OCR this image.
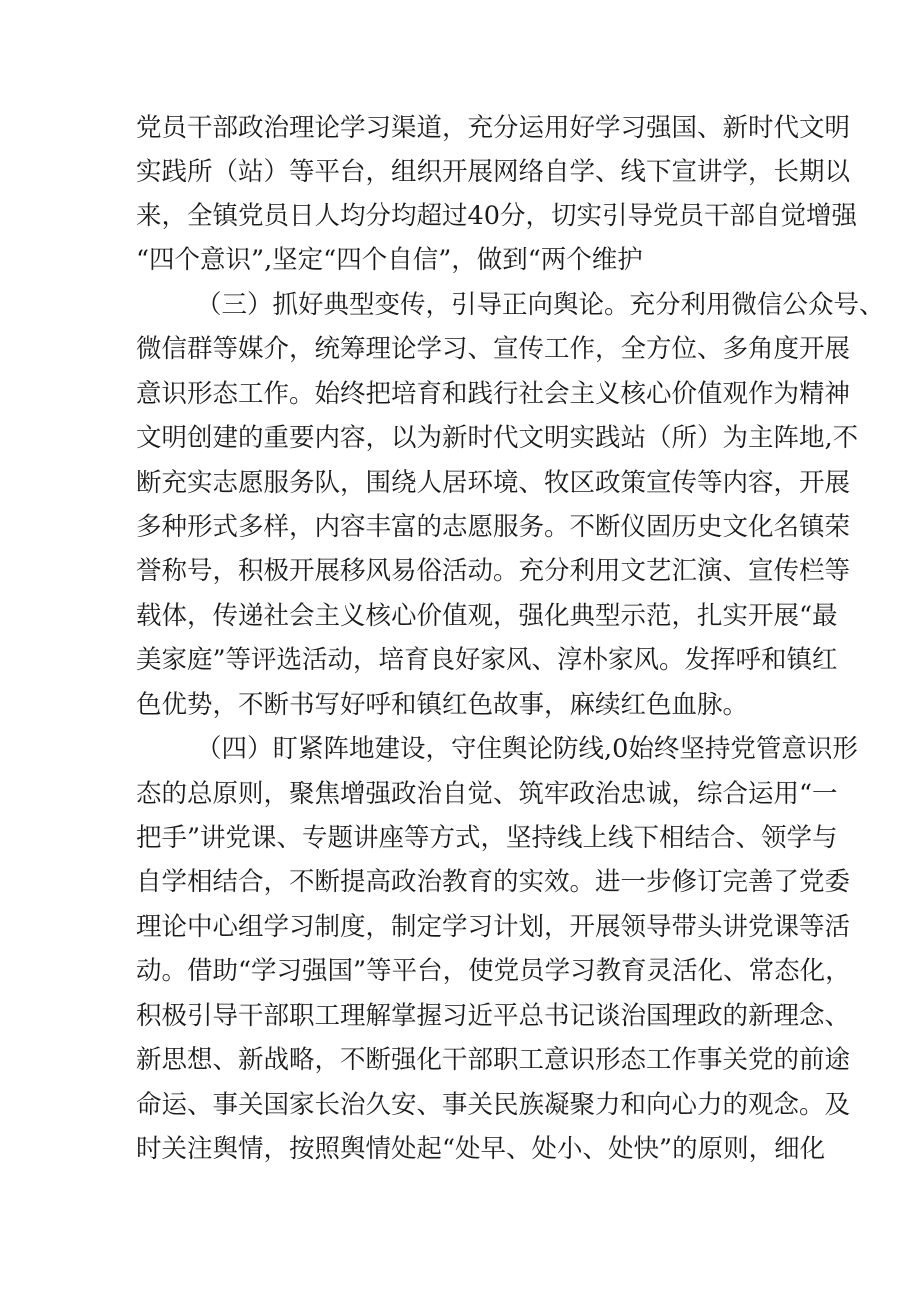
党员干部政治理论学习渠道，充分运用好学习强国、新时代文明
实践所（站）等平台，组织开展网络自学、线下宣讲学，长期以
来，全镇党员日人均分均超过40分，切实引导党员干部自觉增强
“四个意识”,坚定“四个自信”，做到“两个维护
（三）抓好典型变传，引导正向舆论。充分利用微信公众号、
微信群等媒介，统筹理论学习、宣传工作，全方位、多角度开展
意识形态工作。始终把培育和践行社会主义核心价值观作为精神
文明创建的重要内容，以为新时代文明实践站（所）为主阵地,不
断充实志愿服务队，围绕人居环境、牧区政策宣传等内容，开展
多种形式多样，内容丰富的志愿服务。不断仪固历史文化名镇荣
誉称号，积极开展移风易俗活动。充分利用文艺汇演、宣传栏等
载体，传递社会主义核心价值观，强化典型示范，扎实开展“最
美家庭”等评选活动，培育良好家风、淳朴家风。发挥呼和镇红
色优势，不断书写好呼和镇红色故事，麻续红色血脉。
（四）盯紧阵地建设，守住舆论防线,0始终坚持党管意识形
态的总原则，聚焦增强政治自觉、筑牢政治忠诚，综合运用“一
把手”讲党课、专题讲座等方式，坚持线上线下相结合、领学与
自学相结合，不断提高政治教育的实效。进一步修订完善了党委
理论中心组学习制度，制定学习计划，开展领导带头讲党课等活
动。借助“学习强国”等平台，使党员学习教育灵活化、常态化，
积极引导干部职工理解掌握习近平总书记谈治国理政的新理念、
新思想、新战略，不断强化干部职工意识形态工作事关党的前途
命运、事关国家长治久安、事关民族凝聚力和向心力的观念。及
时关注舆情，按照舆情处起“处早、处小、处快”的原则，细化
